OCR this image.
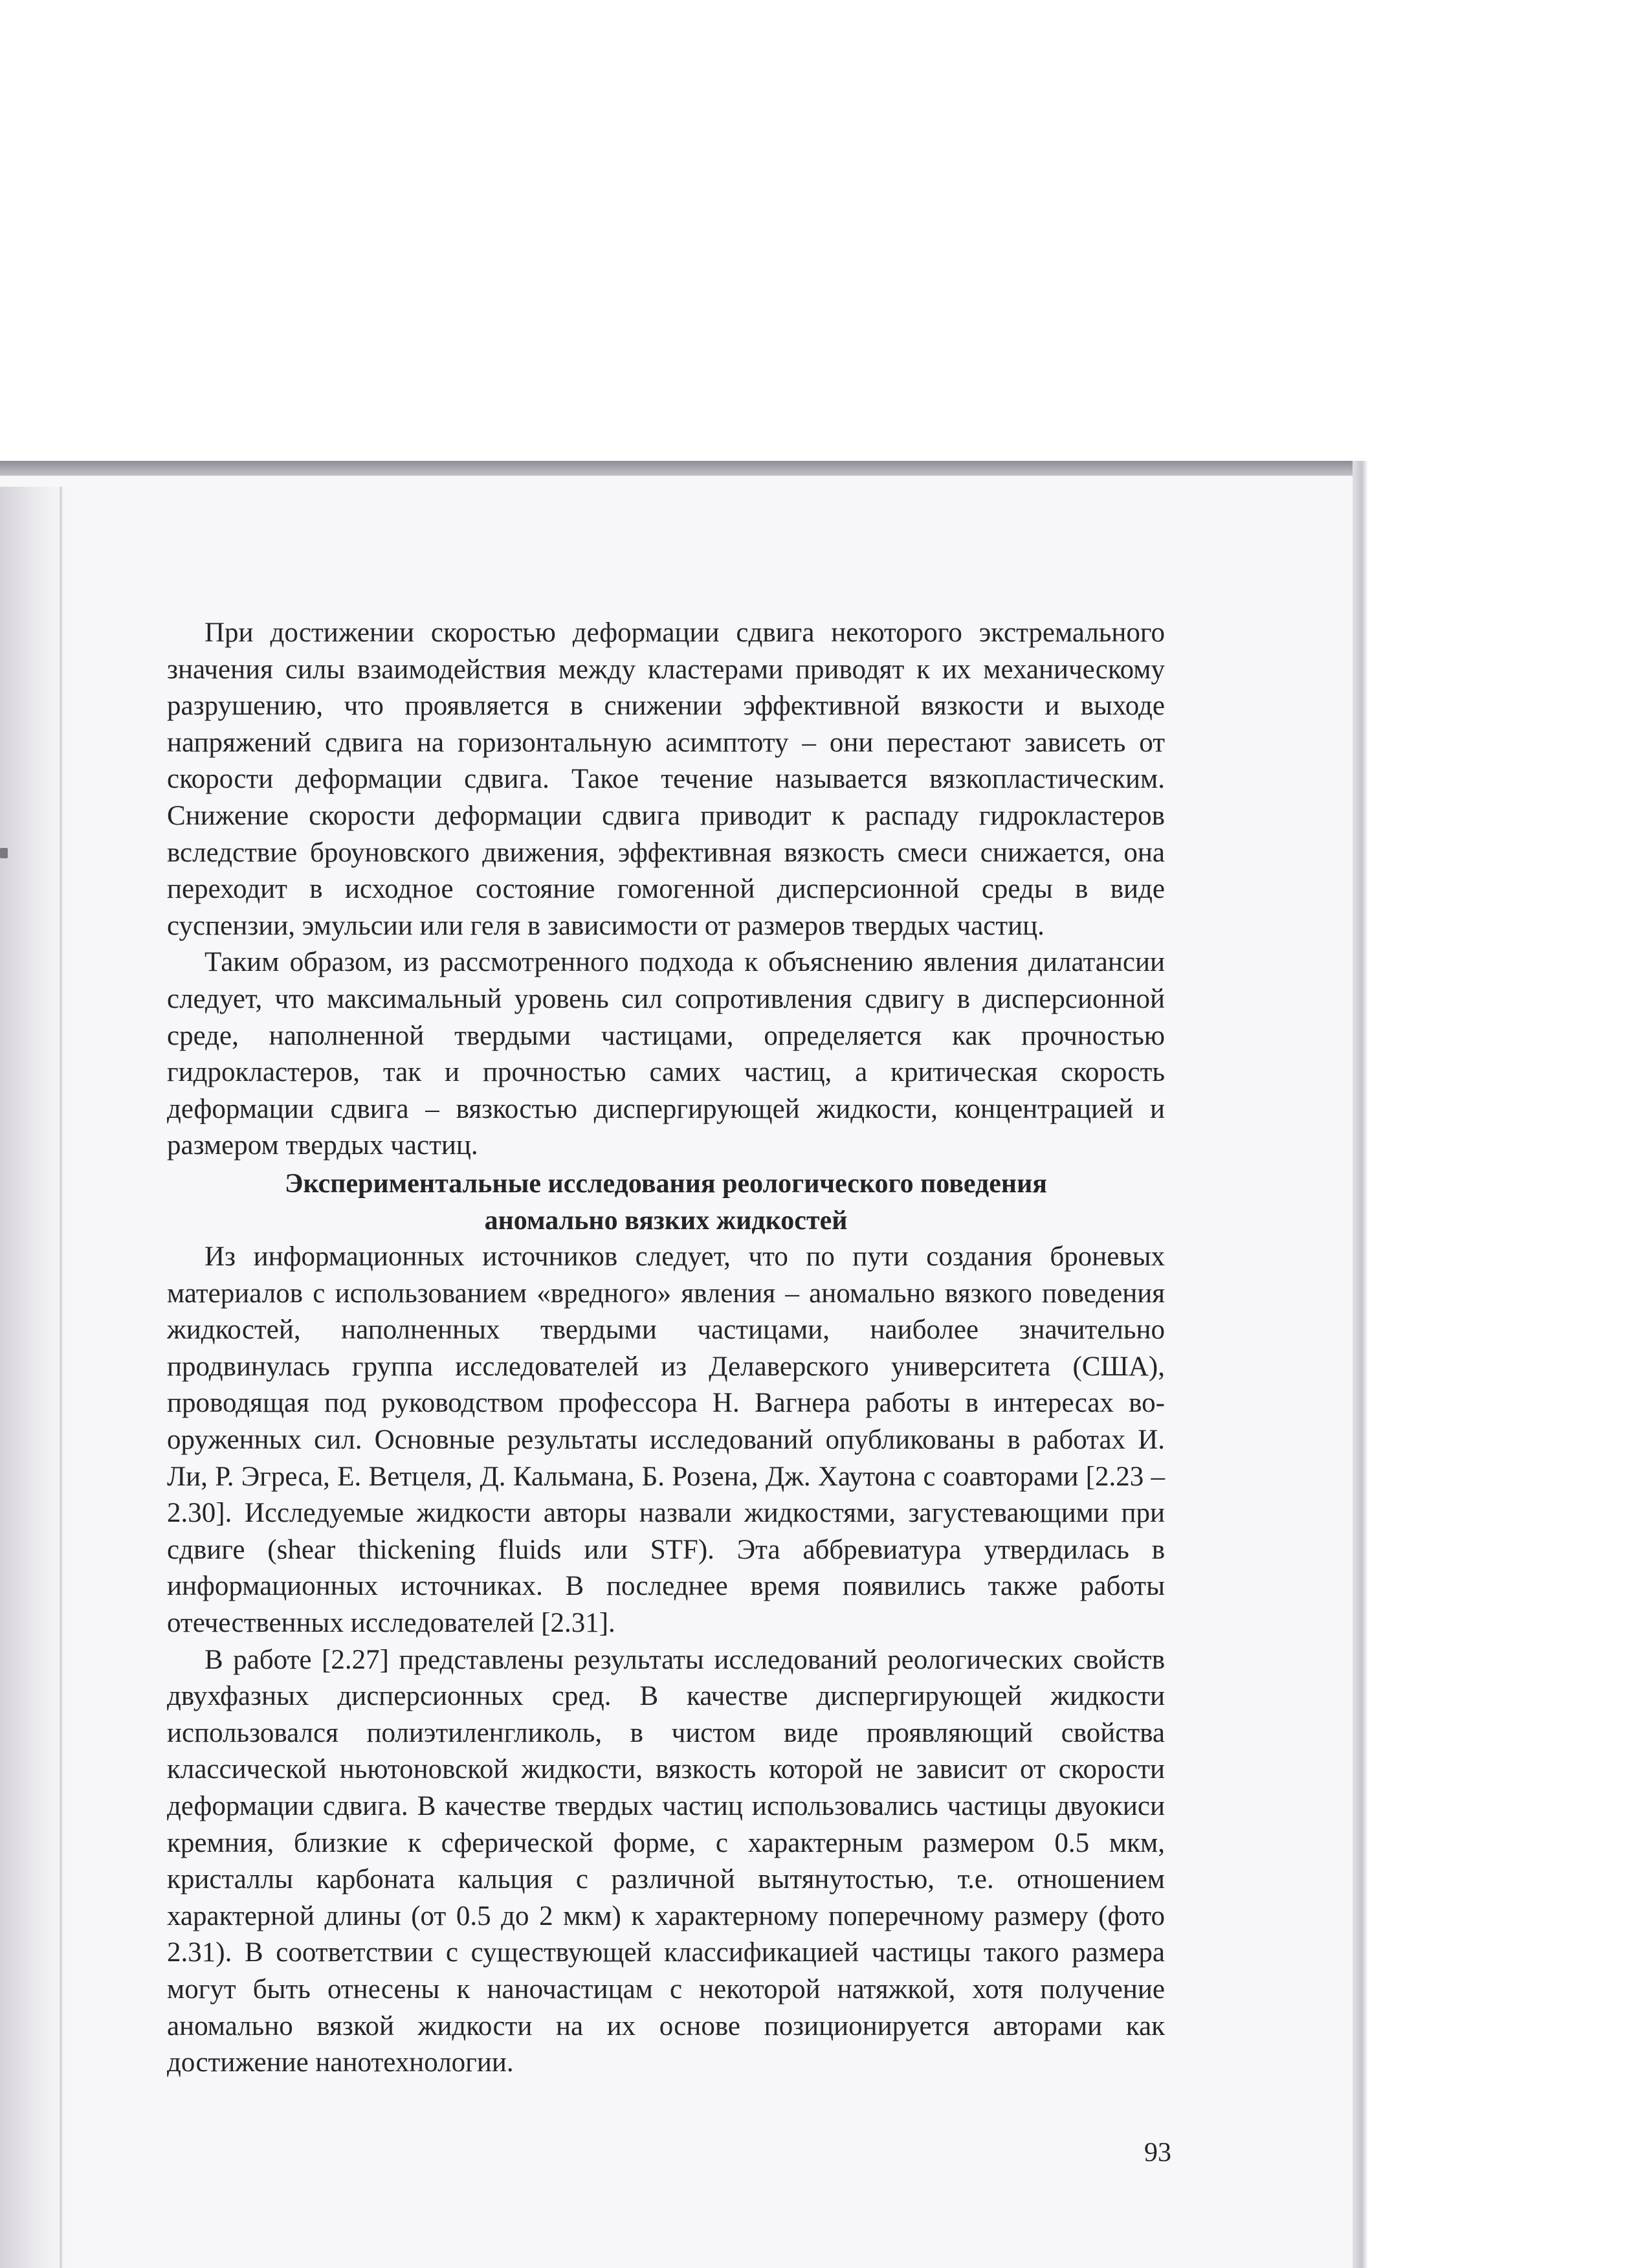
При достижении скоростью деформации сдвига некоторого экстремального значения силы взаимодействия между кластерами приводят к их механическому разрушению, что проявляется в снижении эффективной вязкости и выходе напряжений сдвига на горизонтальную асимптоту – они перестают зависеть от скорости деформации сдвига. Такое течение называется вязкопластическим. Снижение скорости деформации сдвига приводит к распаду гидрокластеров вследствие броуновского движения, эффективная вязкость смеси снижается, она переходит в исходное состояние гомогенной дисперсионной среды в виде суспензии, эмульсии или геля в зависимости от размеров твердых частиц.

Таким образом, из рассмотренного подхода к объяснению явления дилатансии следует, что максимальный уровень сил сопротивления сдвигу в дисперсионной среде, наполненной твердыми частицами, определяется как прочностью гидрокластеров, так и прочностью самих частиц, а критическая скорость деформации сдвига – вязкостью диспергирующей жидкости, концентрацией и размером твердых частиц.

Экспериментальные исследования реологического поведения
аномально вязких жидкостей

Из информационных источников следует, что по пути создания броневых материалов с использованием «вредного» явления – аномально вязкого поведения жидкостей, наполненных твердыми частицами, наиболее значительно продвинулась группа исследователей из Делаверского университета (США), проводящая под руководством профессора Н. Вагнера работы в интересах вооруженных сил. Основные результаты исследований опубликованы в работах И. Ли, Р. Эгреса, Е. Ветцеля, Д. Кальмана, Б. Розена, Дж. Хаутона с соавторами [2.23 – 2.30]. Исследуемые жидкости авторы назвали жидкостями, загустевающими при сдвиге (shear thickening fluids или STF). Эта аббревиатура утвердилась в информационных источниках. В последнее время появились также работы отечественных исследователей [2.31].

В работе [2.27] представлены результаты исследований реологических свойств двухфазных дисперсионных сред. В качестве диспергирующей жидкости использовался полиэтиленгликоль, в чистом виде проявляющий свойства классической ньютоновской жидкости, вязкость которой не зависит от скорости деформации сдвига. В качестве твердых частиц использовались частицы двуокиси кремния, близкие к сферической форме, с характерным размером 0.5 мкм, кристаллы карбоната кальция с различной вытянутостью, т.е. отношением характерной длины (от 0.5 до 2 мкм) к характерному поперечному размеру (фото 2.31). В соответствии с существующей классификацией частицы такого размера могут быть отнесены к наночастицам с некоторой натяжкой, хотя получение аномально вязкой жидкости на их основе позиционируется авторами как достижение нанотехнологии.

93
